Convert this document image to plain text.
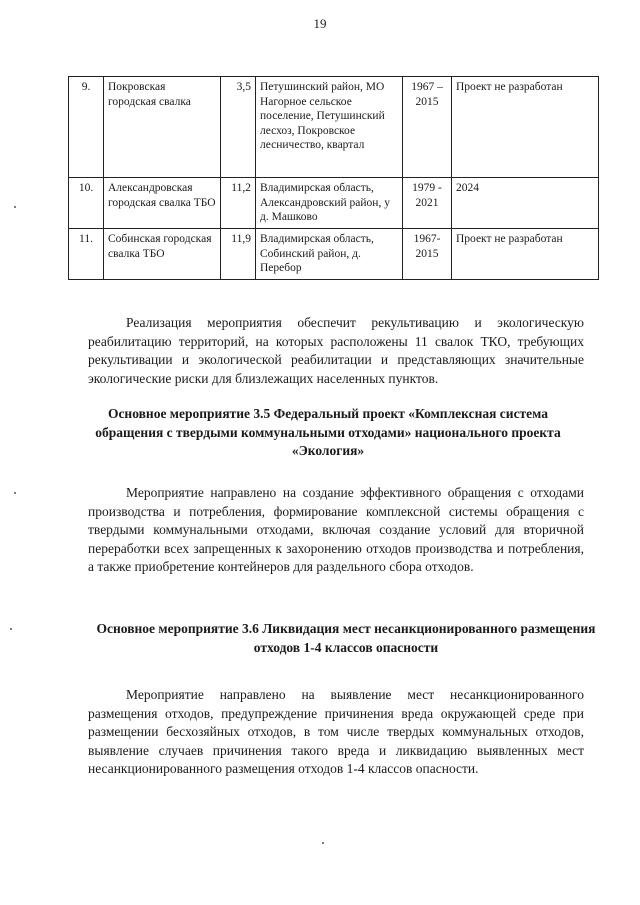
19
9.	Покровская городская свалка	3,5	Петушинский район, МО Нагорное сельское поселение, Петушинский лесхоз, Покровское лесничество, квартал	1967 – 2015	Проект не разработан
10.	Александровская городская свалка ТБО	11,2	Владимирская область, Александровский район, у д. Машково	1979 - 2021	2024
11.	Собинская городская свалка ТБО	11,9	Владимирская область, Собинский район, д. Перебор	1967- 2015	Проект не разработан

Реализация мероприятия обеспечит рекультивацию и экологическую реабилитацию территорий, на которых расположены 11 свалок ТКО, требующих рекультивации и экологической реабилитации и представляющих значительные экологические риски для близлежащих населенных пунктов.

Основное мероприятие 3.5 Федеральный проект «Комплексная система обращения с твердыми коммунальными отходами» национального проекта «Экология»

Мероприятие направлено на создание эффективного обращения с отходами производства и потребления, формирование комплексной системы обращения с твердыми коммунальными отходами, включая создание условий для вторичной переработки всех запрещенных к захоронению отходов производства и потребления, а также приобретение контейнеров для раздельного сбора отходов.

Основное мероприятие 3.6 Ликвидация мест несанкционированного размещения отходов 1-4 классов опасности

Мероприятие направлено на выявление мест несанкционированного размещения отходов, предупреждение причинения вреда окружающей среде при размещении бесхозяйных отходов, в том числе твердых коммунальных отходов, выявление случаев причинения такого вреда и ликвидацию выявленных мест несанкционированного размещения отходов 1-4 классов опасности.
